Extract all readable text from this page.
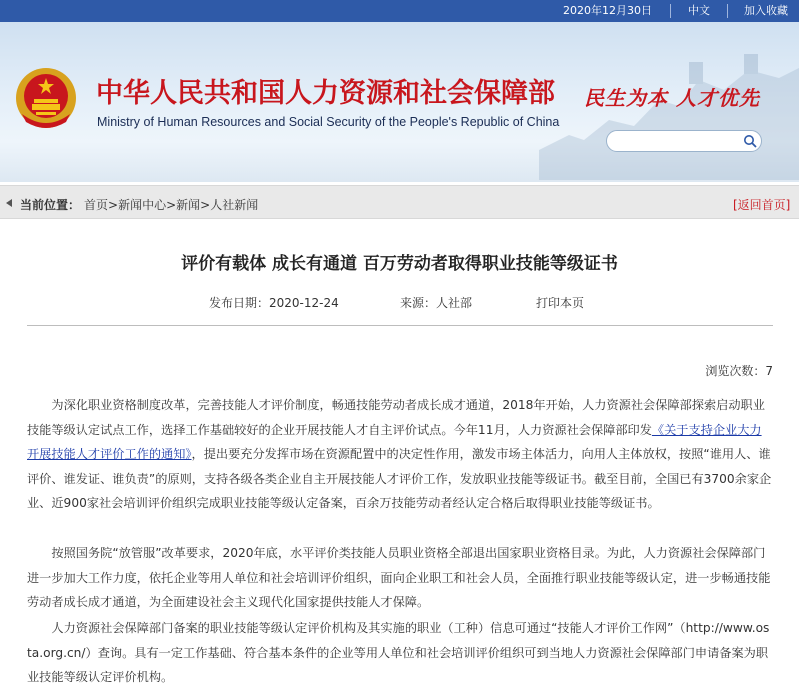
2020年12月30日	中文	加入收藏
中华人民共和国人力资源和社会保障部
Ministry of Human Resources and Social Security of the People's Republic of China
民生为本 人才优先
当前位置： 首页>新闻中心>新闻>人社新闻	[返回首页]
评价有载体 成长有通道 百万劳动者取得职业技能等级证书
发布日期：2020-12-24	来源：人社部	打印本页
浏览次数：7
为深化职业资格制度改革，完善技能人才评价制度，畅通技能劳动者成长成才通道，2018年开始，人力资源社会保障部探索启动职业技能等级认定试点工作，选择工作基础较好的企业开展技能人才自主评价试点。今年11月，人力资源社会保障部印发《关于支持企业大力开展技能人才评价工作的通知》，提出要充分发挥市场在资源配置中的决定性作用，激发市场主体活力，向用人主体放权，按照“谁用人、谁评价、谁发证、谁负责”的原则，支持各级各类企业自主开展技能人才评价工作，发放职业技能等级证书。截至目前，全国已有3700余家企业、近900家社会培训评价组织完成职业技能等级认定备案，百余万技能劳动者经认定合格后取得职业技能等级证书。
按照国务院“放管服”改革要求，2020年底，水平评价类技能人员职业资格全部退出国家职业资格目录。为此，人力资源社会保障部门进一步加大工作力度，依托企业等用人单位和社会培训评价组织，面向企业职工和社会人员，全面推行职业技能等级认定，进一步畅通技能劳动者成长成才通道，为全面建设社会主义现代化国家提供技能人才保障。
人力资源社会保障部门备案的职业技能等级认定评价机构及其实施的职业（工种）信息可通过“技能人才评价工作网”（http://www.osta.org.cn/）查询。具有一定工作基础、符合基本条件的企业等用人单位和社会培训评价组织可到当地人力资源社会保障部门申请备案为职业技能等级认定评价机构。
